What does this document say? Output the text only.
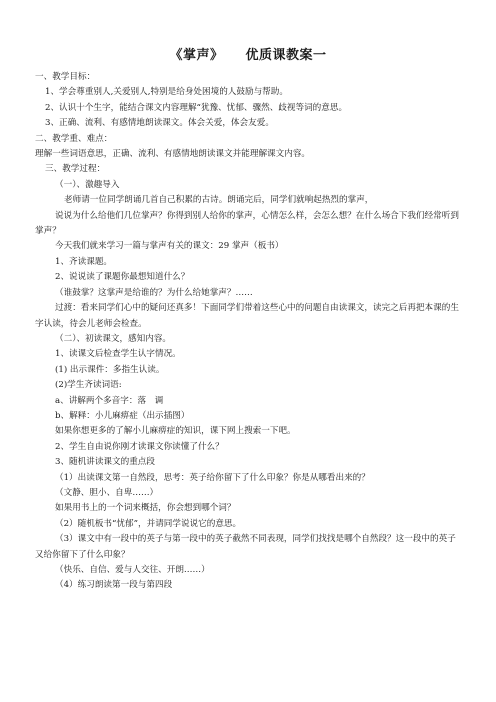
《掌声》 优质课教案一

一、教学目标：

1、学会尊重别人,关爱别人,特别是给身处困境的人鼓励与帮助。

2、认识十个生字，能结合课文内容理解“犹豫、忧郁、骤然、歧视等词的意思。

3、正确、流利、有感情地朗读课文。体会关爱，体会友爱。

二、教学重、难点：

理解一些词语意思，正确、流利、有感情地朗读课文并能理解课文内容。

三、教学过程：

（一）、激趣导入

老师请一位同学朗诵几首自己积累的古诗。朗诵完后，同学们就响起热烈的掌声，

说说为什么给他们几位掌声？你得到别人给你的掌声，心情怎么样，会怎么想？在什么场合下我们经常听到掌声？

今天我们就来学习一篇与掌声有关的课文：29 掌声（板书）

1、齐读课题。

2、说说读了课题你最想知道什么？

（谁鼓掌？这掌声是给谁的？为什么给她掌声？……

过渡：看来同学们心中的疑问还真多！下面同学们带着这些心中的问题自由读课文，读完之后再把本课的生字认读，待会儿老师会检查。

（二）、初读课文，感知内容。

1、读课文后检查学生认字情况。

(1) 出示课件：多指生认读。

(2)学生齐读词语:

a、讲解两个多音字：落　调

b、解释：小儿麻痹症（出示插图）

如果你想更多的了解小儿麻痹症的知识，课下网上搜索一下吧。

2、学生自由说你刚才读课文你读懂了什么？

3、随机讲读课文的重点段

（1）出读课文第一自然段，思考：英子给你留下了什么印象？你是从哪看出来的？

（文静、胆小、自卑……）

如果用书上的一个词来概括，你会想到哪个词？

（2）随机板书“忧郁”，并请同学说说它的意思。

（3）课文中有一段中的英子与第一段中的英子截然不同表现，同学们找找是哪个自然段？这一段中的英子又给你留下了什么印象？

（快乐、自信、爱与人交往、开朗……）

（4）练习朗读第一段与第四段
